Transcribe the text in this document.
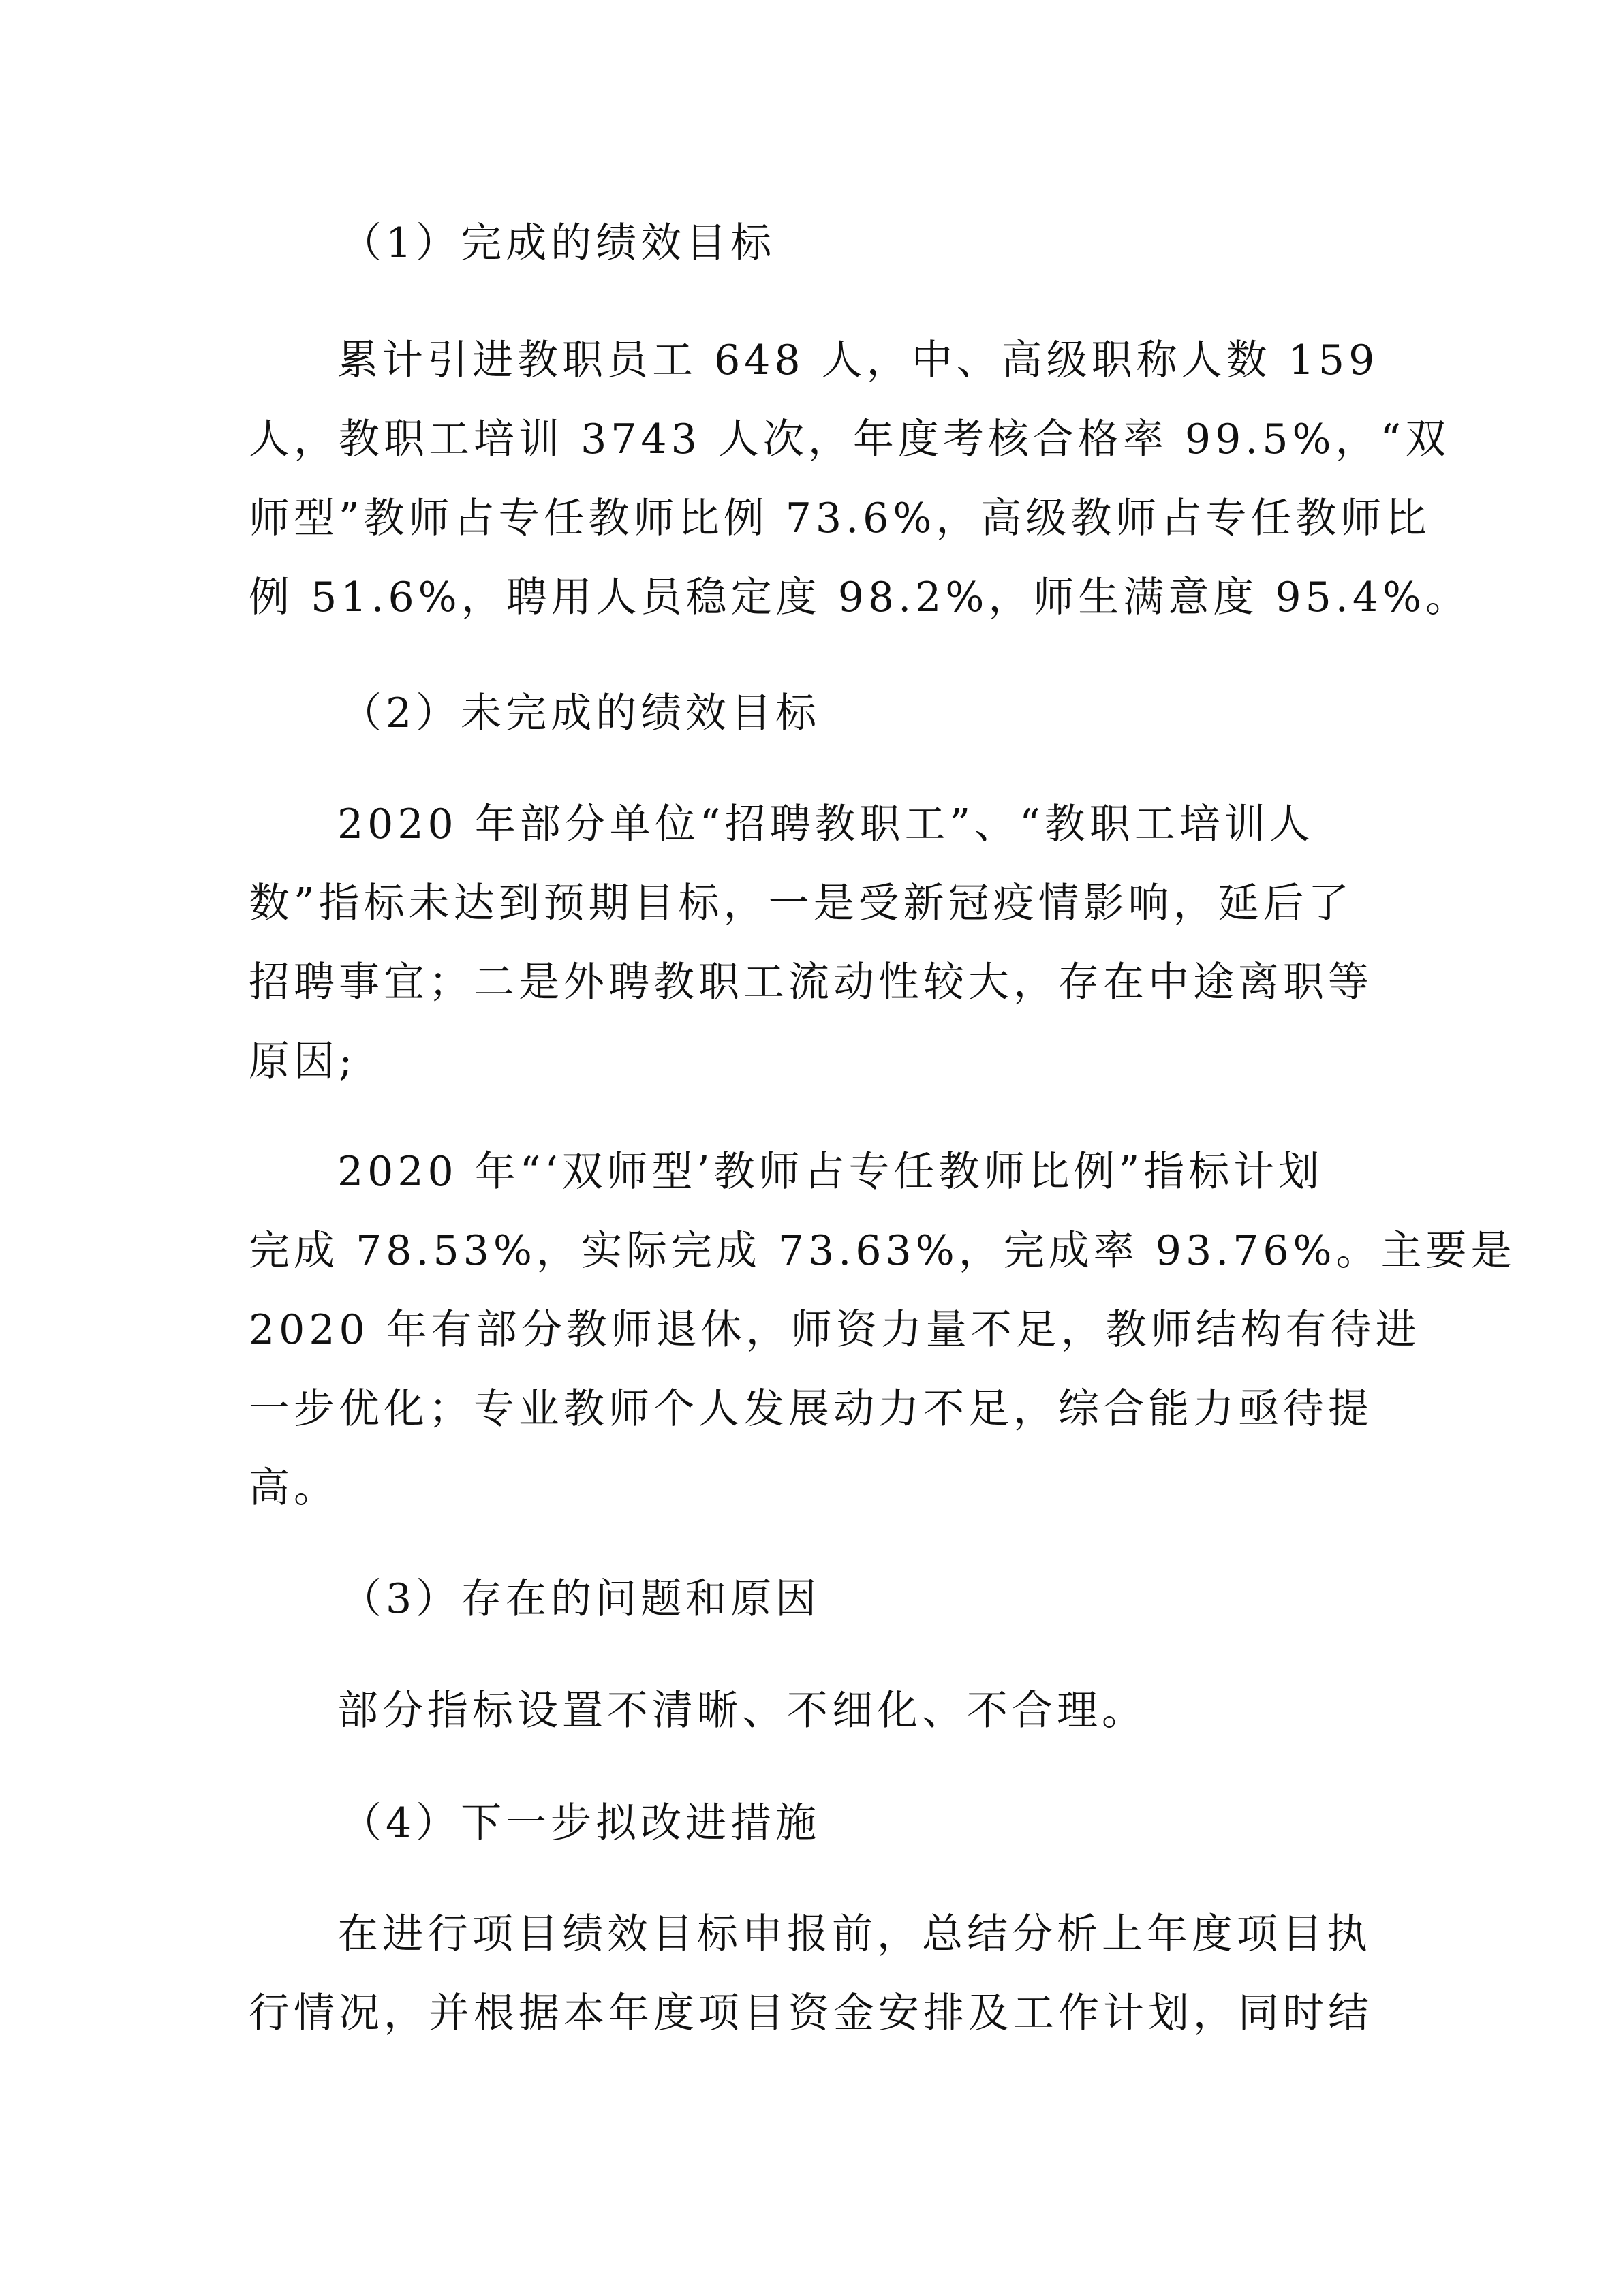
（1）完成的绩效目标
累计引进教职员工 648 人，中、高级职称人数 159
人，教职工培训 3743 人次，年度考核合格率 99.5%，“双
师型”教师占专任教师比例 73.6%，高级教师占专任教师比
例 51.6%，聘用人员稳定度 98.2%，师生满意度 95.4%。
（2）未完成的绩效目标
2020 年部分单位“招聘教职工”、“教职工培训人
数”指标未达到预期目标，一是受新冠疫情影响，延后了
招聘事宜；二是外聘教职工流动性较大，存在中途离职等
原因;
2020 年“‘双师型’教师占专任教师比例”指标计划
完成 78.53%，实际完成 73.63%，完成率 93.76%。主要是
2020 年有部分教师退休，师资力量不足，教师结构有待进
一步优化；专业教师个人发展动力不足，综合能力亟待提
高。
（3）存在的问题和原因
部分指标设置不清晰、不细化、不合理。
（4）下一步拟改进措施
在进行项目绩效目标申报前，总结分析上年度项目执
行情况，并根据本年度项目资金安排及工作计划，同时结
